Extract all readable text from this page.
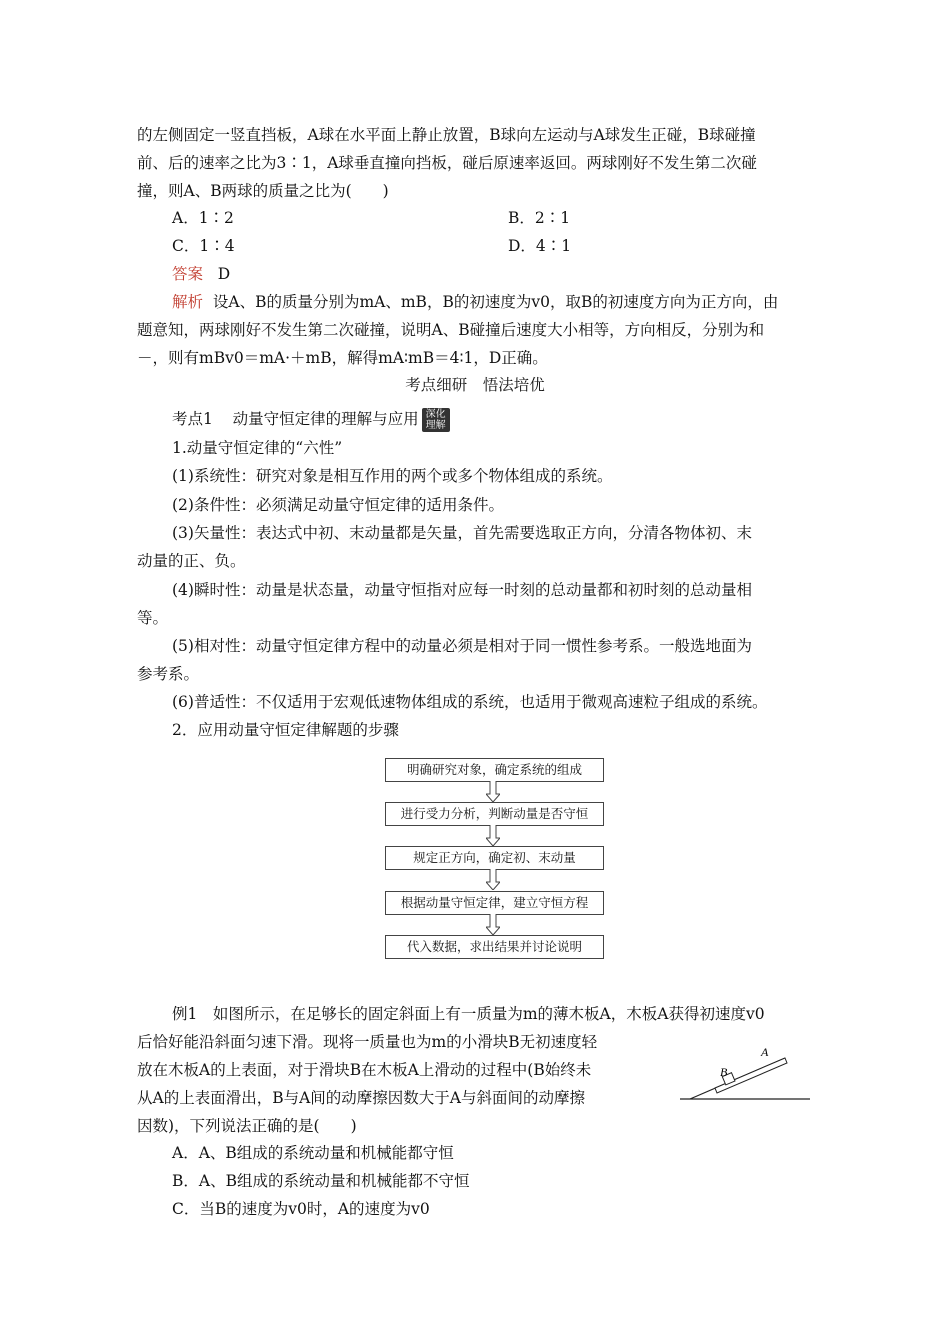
的左侧固定一竖直挡板，A球在水平面上静止放置，B球向左运动与A球发生正碰，B球碰撞
前、后的速率之比为3∶1，A球垂直撞向挡板，碰后原速率返回。两球刚好不发生第二次碰
撞，则A、B两球的质量之比为(　　)
A．1∶2	B．2∶1
C．1∶4	D．4∶1
答案 D
解析 设A、B的质量分别为mA、mB，B的初速度为v0，取B的初速度方向为正方向，由
题意知，两球刚好不发生第二次碰撞，说明A、B碰撞后速度大小相等，方向相反，分别为和
－，则有mBv0＝mA·＋mB，解得mA∶mB＝4∶1，D正确。
考点细研　悟法培优
考点1 动量守恒定律的理解与应用 深化
理解
1.动量守恒定律的“六性”
(1)系统性：研究对象是相互作用的两个或多个物体组成的系统。
(2)条件性：必须满足动量守恒定律的适用条件。
(3)矢量性：表达式中初、末动量都是矢量，首先需要选取正方向，分清各物体初、末
动量的正、负。
(4)瞬时性：动量是状态量，动量守恒指对应每一时刻的总动量都和初时刻的总动量相
等。
(5)相对性：动量守恒定律方程中的动量必须是相对于同一惯性参考系。一般选地面为
参考系。
(6)普适性：不仅适用于宏观低速物体组成的系统，也适用于微观高速粒子组成的系统。
2．应用动量守恒定律解题的步骤
明确研究对象，确定系统的组成
进行受力分析，判断动量是否守恒
规定正方向，确定初、末动量
根据动量守恒定律，建立守恒方程
代入数据，求出结果并讨论说明
例1　如图所示，在足够长的固定斜面上有一质量为m的薄木板A，木板A获得初速度v0
后恰好能沿斜面匀速下滑。现将一质量也为m的小滑块B无初速度轻
放在木板A的上表面，对于滑块B在木板A上滑动的过程中(B始终未
从A的上表面滑出，B与A间的动摩擦因数大于A与斜面间的动摩擦
因数)，下列说法正确的是(　　)
A
B
A．A、B组成的系统动量和机械能都守恒
B．A、B组成的系统动量和机械能都不守恒
C．当B的速度为v0时，A的速度为v0
